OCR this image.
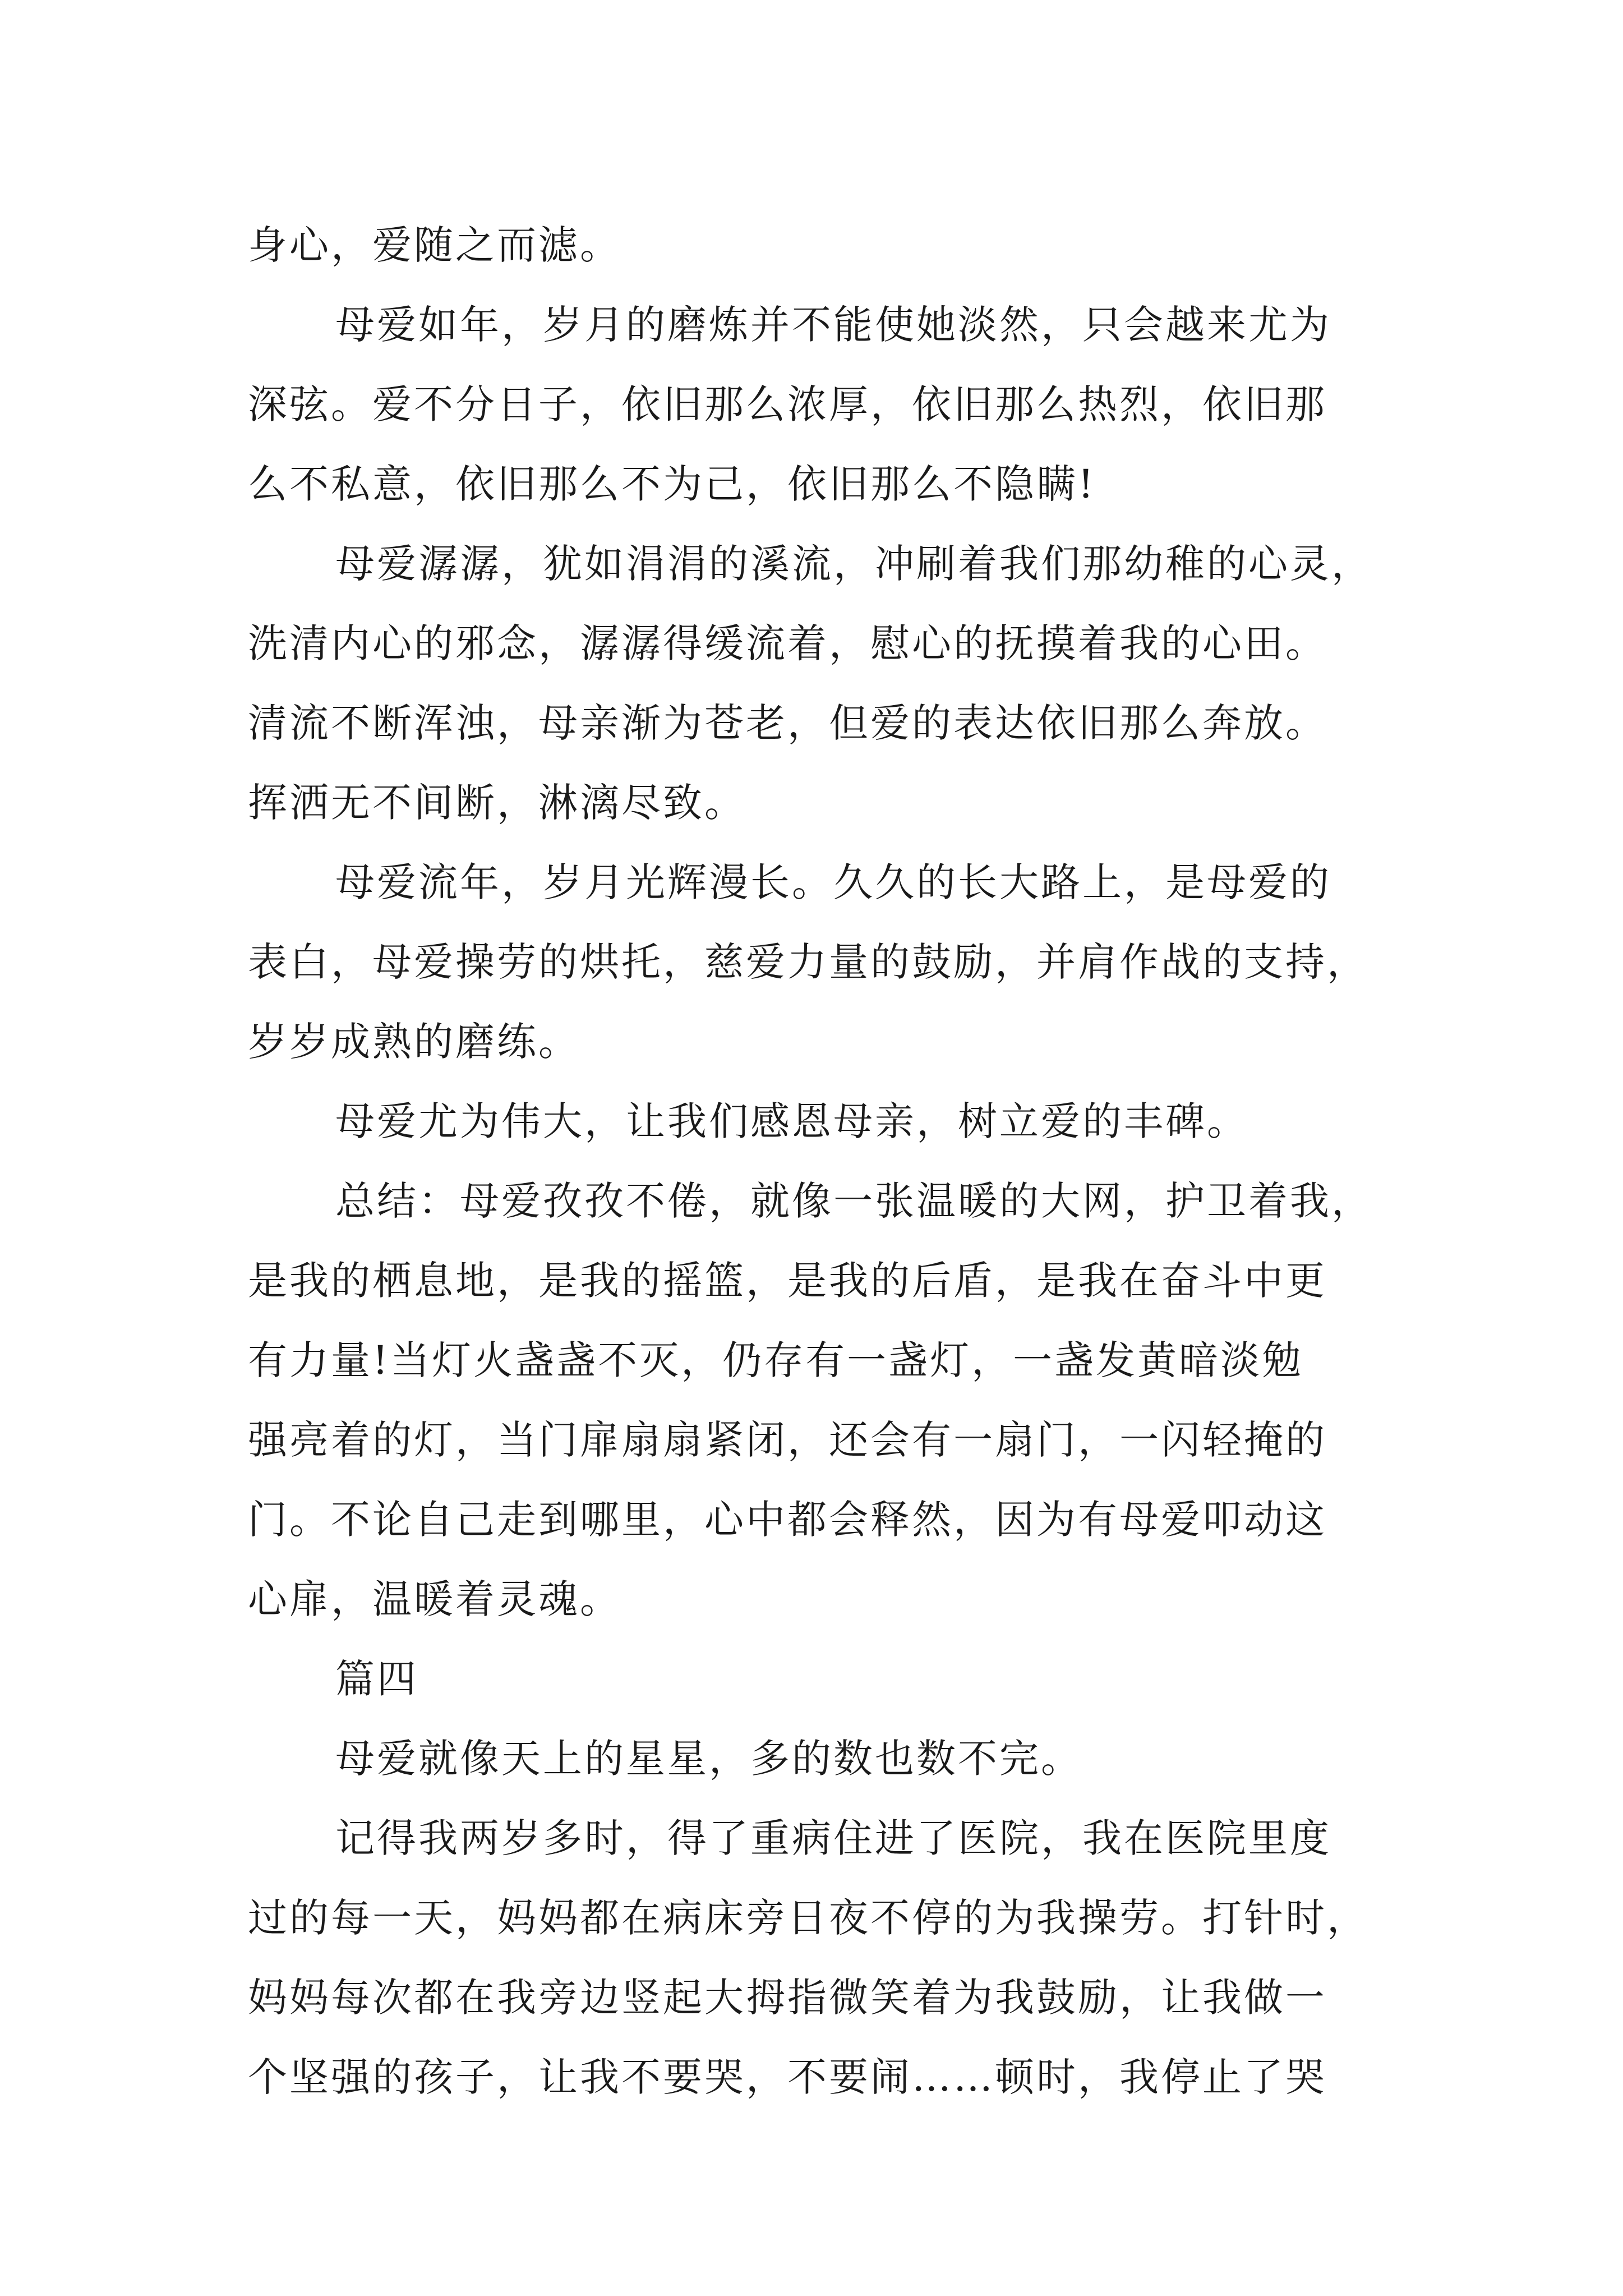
身心，爱随之而滤。
母爱如年，岁月的磨炼并不能使她淡然，只会越来尤为
深弦。爱不分日子，依旧那么浓厚，依旧那么热烈，依旧那
么不私意，依旧那么不为己，依旧那么不隐瞒!
母爱潺潺，犹如涓涓的溪流，冲刷着我们那幼稚的心灵，
洗清内心的邪念，潺潺得缓流着，慰心的抚摸着我的心田。
清流不断浑浊，母亲渐为苍老，但爱的表达依旧那么奔放。
挥洒无不间断，淋漓尽致。
母爱流年，岁月光辉漫长。久久的长大路上，是母爱的
表白，母爱操劳的烘托，慈爱力量的鼓励，并肩作战的支持，
岁岁成熟的磨练。
母爱尤为伟大，让我们感恩母亲，树立爱的丰碑。
总结：母爱孜孜不倦，就像一张温暖的大网，护卫着我，
是我的栖息地，是我的摇篮，是我的后盾，是我在奋斗中更
有力量!当灯火盏盏不灭，仍存有一盏灯，一盏发黄暗淡勉
强亮着的灯，当门扉扇扇紧闭，还会有一扇门，一闪轻掩的
门。不论自己走到哪里，心中都会释然，因为有母爱叩动这
心扉，温暖着灵魂。
篇四
母爱就像天上的星星，多的数也数不完。
记得我两岁多时，得了重病住进了医院，我在医院里度
过的每一天，妈妈都在病床旁日夜不停的为我操劳。打针时，
妈妈每次都在我旁边竖起大拇指微笑着为我鼓励，让我做一
个坚强的孩子，让我不要哭，不要闹……顿时，我停止了哭
